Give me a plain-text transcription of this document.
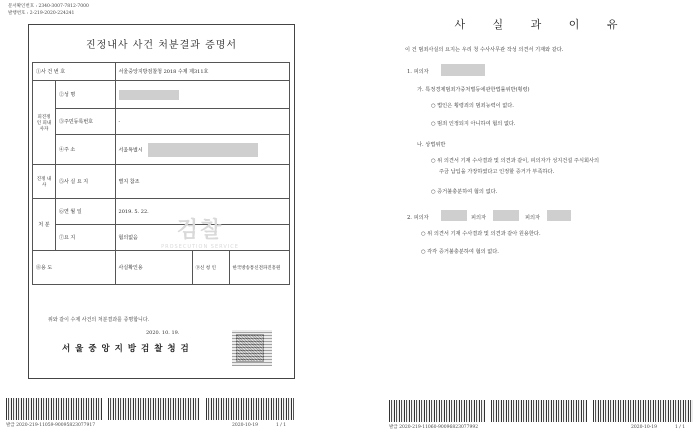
문서확인번호 : 2340-3007-7812-7000
발행번호 : 2-219-2020-224241
진정내사 사건 처분결과 증명서
①사 건 번 호		서울중앙지방검찰청 2018 수제 제311호		
피진정인 피내사자	②성 명			
	③주민등록번호	-		
	④주 소	서울특별시		
진정 내사	⑤사 실 요 지	별지 참조		
처 분	⑥연 월 일	2019. 5. 22.		
	⑦요 지	혐의없음		
⑧용 도		사실확인용	⑨신 청 인	한국방송통신전파진흥원
검찰
PROSECUTION SERVICE
위와 같이 수제 사건의 처분결과를 증명합니다.
2020. 10. 19.
서 울 중 앙 지 방 검 찰 청 검
발급 2020-219-11059-90095823077917	2020-10-19	1 / 1
사 실 과 이 유
이 건 범죄사실의 요지는 우리 청 수사사무관 작성 의견서 기재와 같다.
1. 피의자
가. 특정경제범죄가중처벌등에관한법률위반(횡령)
○ 법인은 횡령죄의 범죄능력이 없다.
○ 범죄 인정되지 아니하여 혐의 없다.
나. 상법위반
○ 위 의견서 기재 수사결과 및 의견과 같이, 피의자가 성지건설 주식회사의
주금 납입을 가장하였다고 인정할 증거가 부족하다.
○ 증거불충분하여 혐의 없다.
2. 피의자	피의자	피의자
○ 위 의견서 기재 수사결과 및 의견과 같아 원용한다.
○ 각각 증거불충분하여 혐의 없다.
발급 2020-219-11060-90096823077992	2020-10-19	1 / 1
